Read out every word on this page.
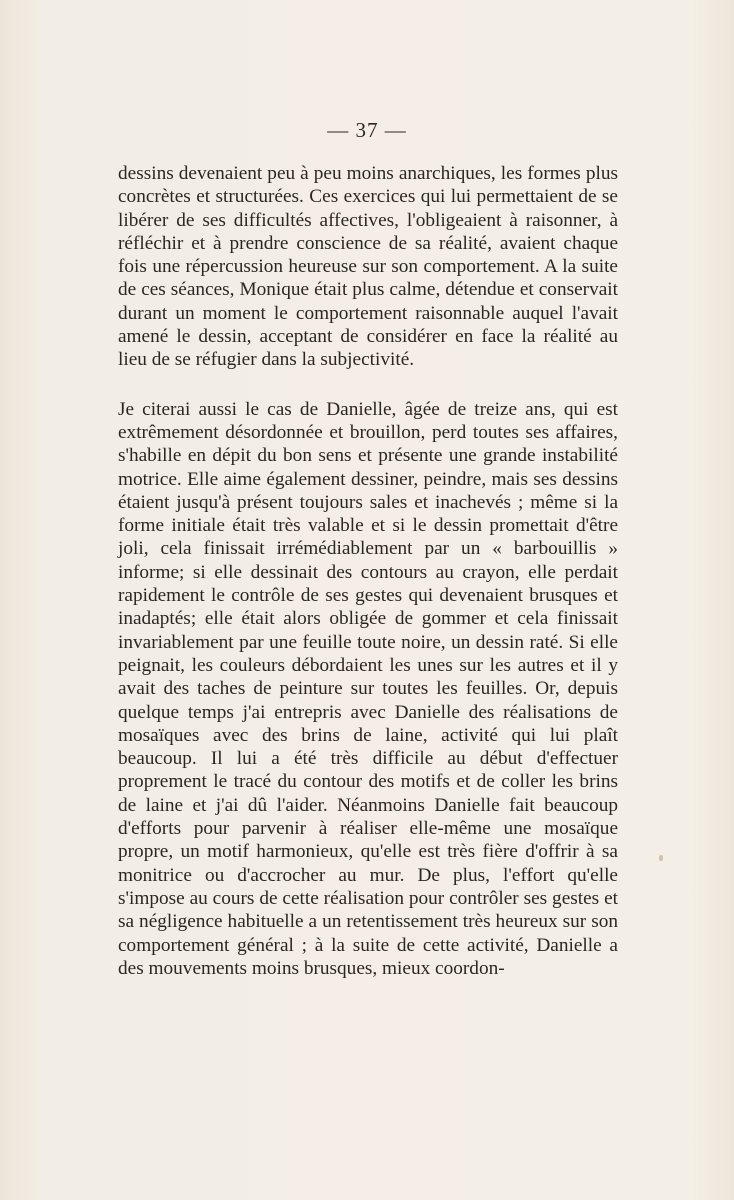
— 37 —

dessins devenaient peu à peu moins anarchiques, les formes plus concrètes et structurées. Ces exercices qui lui permettaient de se libérer de ses difficultés affectives, l'obligeaient à raisonner, à réfléchir et à prendre conscience de sa réalité, avaient chaque fois une répercussion heureuse sur son comportement. A la suite de ces séances, Monique était plus calme, détendue et conservait durant un moment le comportement raisonnable auquel l'avait amené le dessin, acceptant de considérer en face la réalité au lieu de se réfugier dans la subjectivité.

Je citerai aussi le cas de Danielle, âgée de treize ans, qui est extrêmement désordonnée et brouillon, perd toutes ses affaires, s'habille en dépit du bon sens et présente une grande instabilité motrice. Elle aime également dessiner, peindre, mais ses dessins étaient jusqu'à présent toujours sales et inachevés ; même si la forme initiale était très valable et si le dessin promettait d'être joli, cela finissait irrémédiablement par un « barbouillis » informe; si elle dessinait des contours au crayon, elle perdait rapidement le contrôle de ses gestes qui devenaient brusques et inadaptés; elle était alors obligée de gommer et cela finissait invariablement par une feuille toute noire, un dessin raté. Si elle peignait, les couleurs débordaient les unes sur les autres et il y avait des taches de peinture sur toutes les feuilles. Or, depuis quelque temps j'ai entrepris avec Danielle des réalisations de mosaïques avec des brins de laine, activité qui lui plaît beaucoup. Il lui a été très difficile au début d'effectuer proprement le tracé du contour des motifs et de coller les brins de laine et j'ai dû l'aider. Néanmoins Danielle fait beaucoup d'efforts pour parvenir à réaliser elle-même une mosaïque propre, un motif harmonieux, qu'elle est très fière d'offrir à sa monitrice ou d'accrocher au mur. De plus, l'effort qu'elle s'impose au cours de cette réalisation pour contrôler ses gestes et sa négligence habituelle a un retentissement très heureux sur son comportement général ; à la suite de cette activité, Danielle a des mouvements moins brusques, mieux coordon-
